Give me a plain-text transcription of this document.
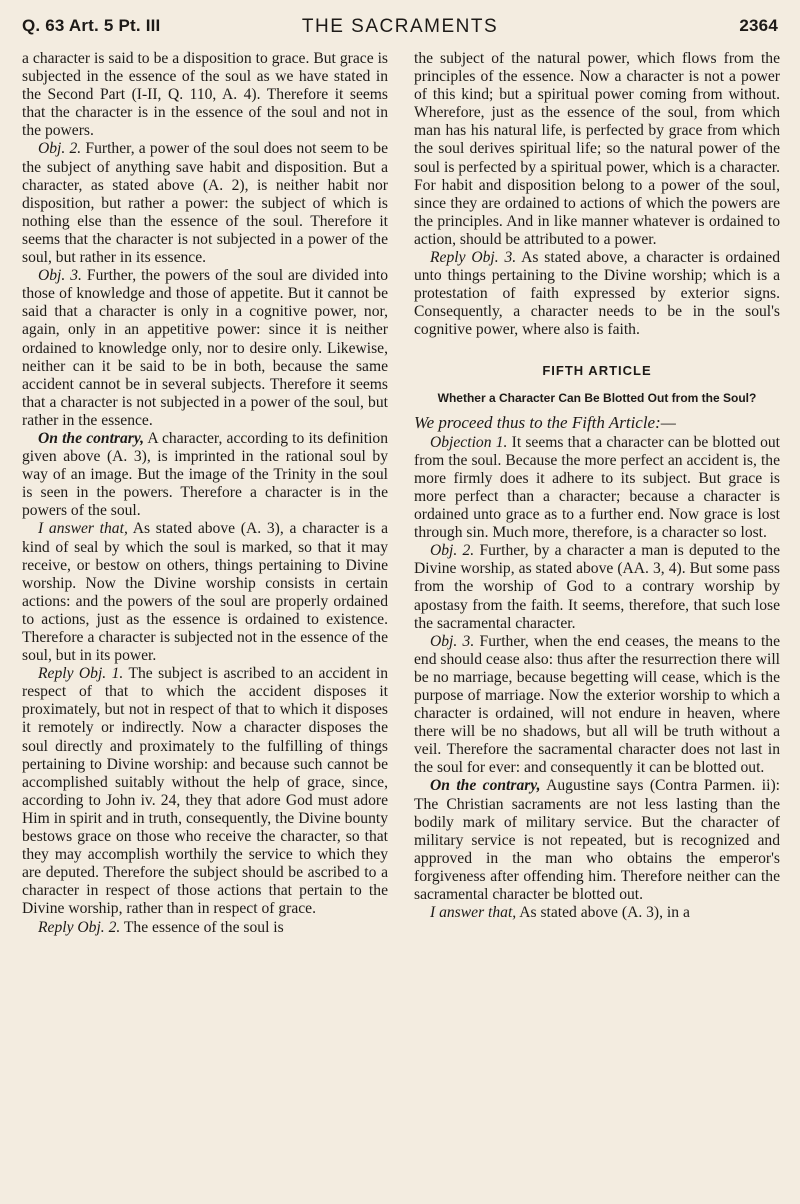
Q. 63 Art. 5 Pt. III	THE SACRAMENTS	2364

a character is said to be a disposition to grace. But grace is subjected in the essence of the soul as we have stated in the Second Part (I-II, Q. 110, A. 4). Therefore it seems that the character is in the essence of the soul and not in the powers.

Obj. 2. Further, a power of the soul does not seem to be the subject of anything save habit and disposition. But a character, as stated above (A. 2), is neither habit nor disposition, but rather a power: the subject of which is nothing else than the essence of the soul. Therefore it seems that the character is not subjected in a power of the soul, but rather in its essence.

Obj. 3. Further, the powers of the soul are divided into those of knowledge and those of appetite. But it cannot be said that a character is only in a cognitive power, nor, again, only in an appetitive power: since it is neither ordained to knowledge only, nor to desire only. Likewise, neither can it be said to be in both, because the same accident cannot be in several subjects. Therefore it seems that a character is not subjected in a power of the soul, but rather in the essence.

On the contrary, A character, according to its definition given above (A. 3), is imprinted in the rational soul by way of an image. But the image of the Trinity in the soul is seen in the powers. Therefore a character is in the powers of the soul.

I answer that, As stated above (A. 3), a character is a kind of seal by which the soul is marked, so that it may receive, or bestow on others, things pertaining to Divine worship. Now the Divine worship consists in certain actions: and the powers of the soul are properly ordained to actions, just as the essence is ordained to existence. Therefore a character is subjected not in the essence of the soul, but in its power.

Reply Obj. 1. The subject is ascribed to an accident in respect of that to which the accident disposes it proximately, but not in respect of that to which it disposes it remotely or indirectly. Now a character disposes the soul directly and proximately to the fulfilling of things pertaining to Divine worship: and because such cannot be accomplished suitably without the help of grace, since, according to John iv. 24, they that adore God must adore Him in spirit and in truth, consequently, the Divine bounty bestows grace on those who receive the character, so that they may accomplish worthily the service to which they are deputed. Therefore the subject should be ascribed to a character in respect of those actions that pertain to the Divine worship, rather than in respect of grace.

Reply Obj. 2. The essence of the soul is

the subject of the natural power, which flows from the principles of the essence. Now a character is not a power of this kind; but a spiritual power coming from without. Wherefore, just as the essence of the soul, from which man has his natural life, is perfected by grace from which the soul derives spiritual life; so the natural power of the soul is perfected by a spiritual power, which is a character. For habit and disposition belong to a power of the soul, since they are ordained to actions of which the powers are the principles. And in like manner whatever is ordained to action, should be attributed to a power.

Reply Obj. 3. As stated above, a character is ordained unto things pertaining to the Divine worship; which is a protestation of faith expressed by exterior signs. Consequently, a character needs to be in the soul's cognitive power, where also is faith.

FIFTH ARTICLE
Whether a Character Can Be Blotted Out from the Soul?

We proceed thus to the Fifth Article:—

Objection 1. It seems that a character can be blotted out from the soul. Because the more perfect an accident is, the more firmly does it adhere to its subject. But grace is more perfect than a character; because a character is ordained unto grace as to a further end. Now grace is lost through sin. Much more, therefore, is a character so lost.

Obj. 2. Further, by a character a man is deputed to the Divine worship, as stated above (AA. 3, 4). But some pass from the worship of God to a contrary worship by apostasy from the faith. It seems, therefore, that such lose the sacramental character.

Obj. 3. Further, when the end ceases, the means to the end should cease also: thus after the resurrection there will be no marriage, because begetting will cease, which is the purpose of marriage. Now the exterior worship to which a character is ordained, will not endure in heaven, where there will be no shadows, but all will be truth without a veil. Therefore the sacramental character does not last in the soul for ever: and consequently it can be blotted out.

On the contrary, Augustine says (Contra Parmen. ii): The Christian sacraments are not less lasting than the bodily mark of military service. But the character of military service is not repeated, but is recognized and approved in the man who obtains the emperor's forgiveness after offending him. Therefore neither can the sacramental character be blotted out.

I answer that, As stated above (A. 3), in a
